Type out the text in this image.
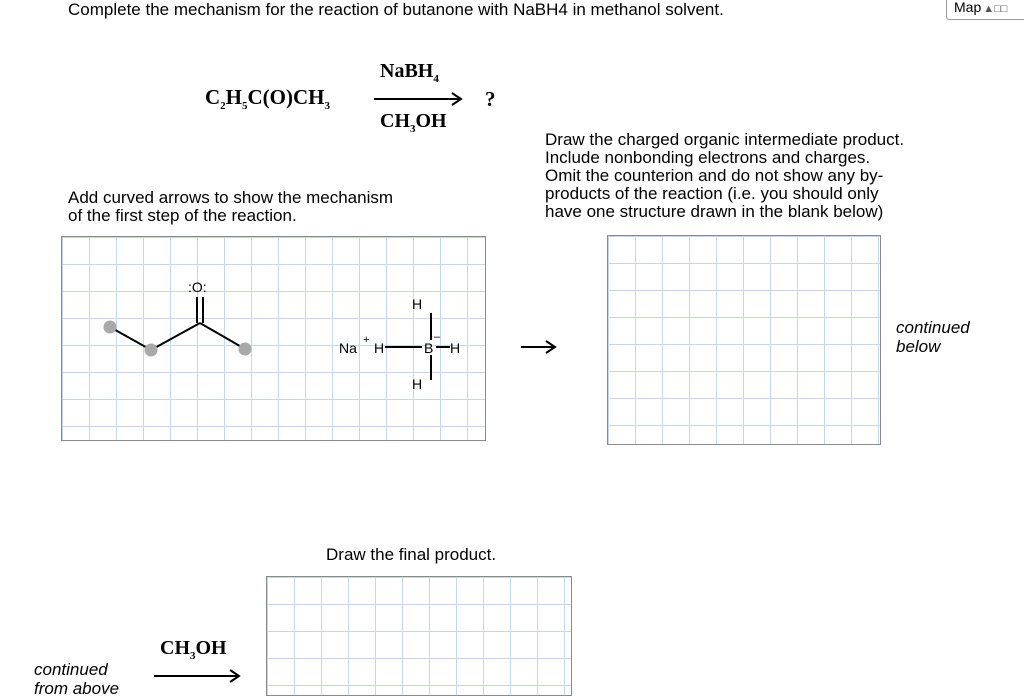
Complete the mechanism for the reaction of butanone with NaBH4 in methanol solvent.	Map ▲□□
$C_2H_5C(O)CH_3$
NaBH$_4$
$CH_3OH$
?
Add curved arrows to show the mechanism
of the first step of the reaction.
Draw the charged organic intermediate product.
Include nonbonding electrons and charges.
Omit the counterion and do not show any by-
products of the reaction (i.e. you should only
have one structure drawn in the blank below)
:O:
Na + H	B
–
H
H
H
continued
below
Draw the final product.
$CH_3OH$
continued
from above
